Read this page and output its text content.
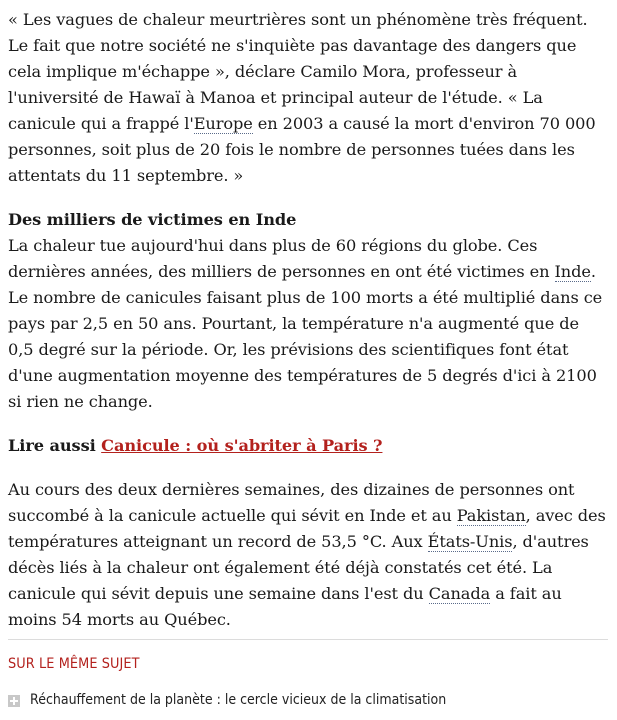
« Les vagues de chaleur meurtrières sont un phénomène très fréquent. Le fait que notre société ne s'inquiète pas davantage des dangers que cela implique m'échappe », déclare Camilo Mora, professeur à l'université de Hawaï à Manoa et principal auteur de l'étude. « La canicule qui a frappé l'Europe en 2003 a causé la mort d'environ 70 000 personnes, soit plus de 20 fois le nombre de personnes tuées dans les attentats du 11 septembre. »

Des milliers de victimes en Inde
La chaleur tue aujourd'hui dans plus de 60 régions du globe. Ces dernières années, des milliers de personnes en ont été victimes en Inde. Le nombre de canicules faisant plus de 100 morts a été multiplié dans ce pays par 2,5 en 50 ans. Pourtant, la température n'a augmenté que de 0,5 degré sur la période. Or, les prévisions des scientifiques font état d'une augmentation moyenne des températures de 5 degrés d'ici à 2100 si rien ne change.

Lire aussi Canicule : où s'abriter à Paris ?

Au cours des deux dernières semaines, des dizaines de personnes ont succombé à la canicule actuelle qui sévit en Inde et au Pakistan, avec des températures atteignant un record de 53,5 °C. Aux États-Unis, d'autres décès liés à la chaleur ont également été déjà constatés cet été. La canicule qui sévit depuis une semaine dans l'est du Canada a fait au moins 54 morts au Québec.

SUR LE MÊME SUJET
Réchauffement de la planète : le cercle vicieux de la climatisation
